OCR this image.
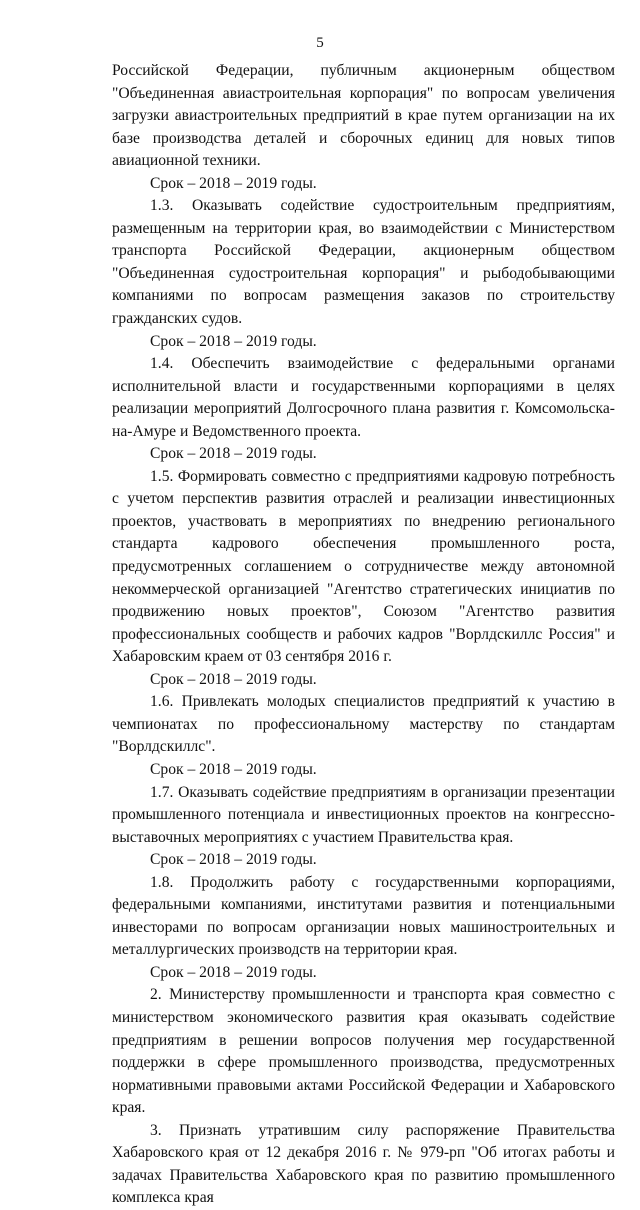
5

Российской Федерации, публичным акционерным обществом "Объединенная авиастроительная корпорация" по вопросам увеличения загрузки авиастроительных предприятий в крае путем организации на их базе производства деталей и сборочных единиц для новых типов авиационной техники.

Срок – 2018 – 2019 годы.

1.3. Оказывать содействие судостроительным предприятиям, размещенным на территории края, во взаимодействии с Министерством транспорта Российской Федерации, акционерным обществом "Объединенная судостроительная корпорация" и рыбодобывающими компаниями по вопросам размещения заказов по строительству гражданских судов.

Срок – 2018 – 2019 годы.

1.4. Обеспечить взаимодействие с федеральными органами исполнительной власти и государственными корпорациями в целях реализации мероприятий Долгосрочного плана развития г. Комсомольска-на-Амуре и Ведомственного проекта.

Срок – 2018 – 2019 годы.

1.5. Формировать совместно с предприятиями кадровую потребность с учетом перспектив развития отраслей и реализации инвестиционных проектов, участвовать в мероприятиях по внедрению регионального стандарта кадрового обеспечения промышленного роста, предусмотренных соглашением о сотрудничестве между автономной некоммерческой организацией "Агентство стратегических инициатив по продвижению новых проектов", Союзом "Агентство развития профессиональных сообществ и рабочих кадров "Ворлдскиллс Россия" и Хабаровским краем от 03 сентября 2016 г.

Срок – 2018 – 2019 годы.

1.6. Привлекать молодых специалистов предприятий к участию в чемпионатах по профессиональному мастерству по стандартам "Ворлдскиллс".

Срок – 2018 – 2019 годы.

1.7. Оказывать содействие предприятиям в организации презентации промышленного потенциала и инвестиционных проектов на конгрессно-выставочных мероприятиях с участием Правительства края.

Срок – 2018 – 2019 годы.

1.8. Продолжить работу с государственными корпорациями, федеральными компаниями, институтами развития и потенциальными инвесторами по вопросам организации новых машиностроительных и металлургических производств на территории края.

Срок – 2018 – 2019 годы.

2. Министерству промышленности и транспорта края совместно с министерством экономического развития края оказывать содействие предприятиям в решении вопросов получения мер государственной поддержки в сфере промышленного производства, предусмотренных нормативными правовыми актами Российской Федерации и Хабаровского края.

3. Признать утратившим силу распоряжение Правительства Хабаровского края от 12 декабря 2016 г. № 979-рп "Об итогах работы и задачах Правительства Хабаровского края по развитию промышленного комплекса края
